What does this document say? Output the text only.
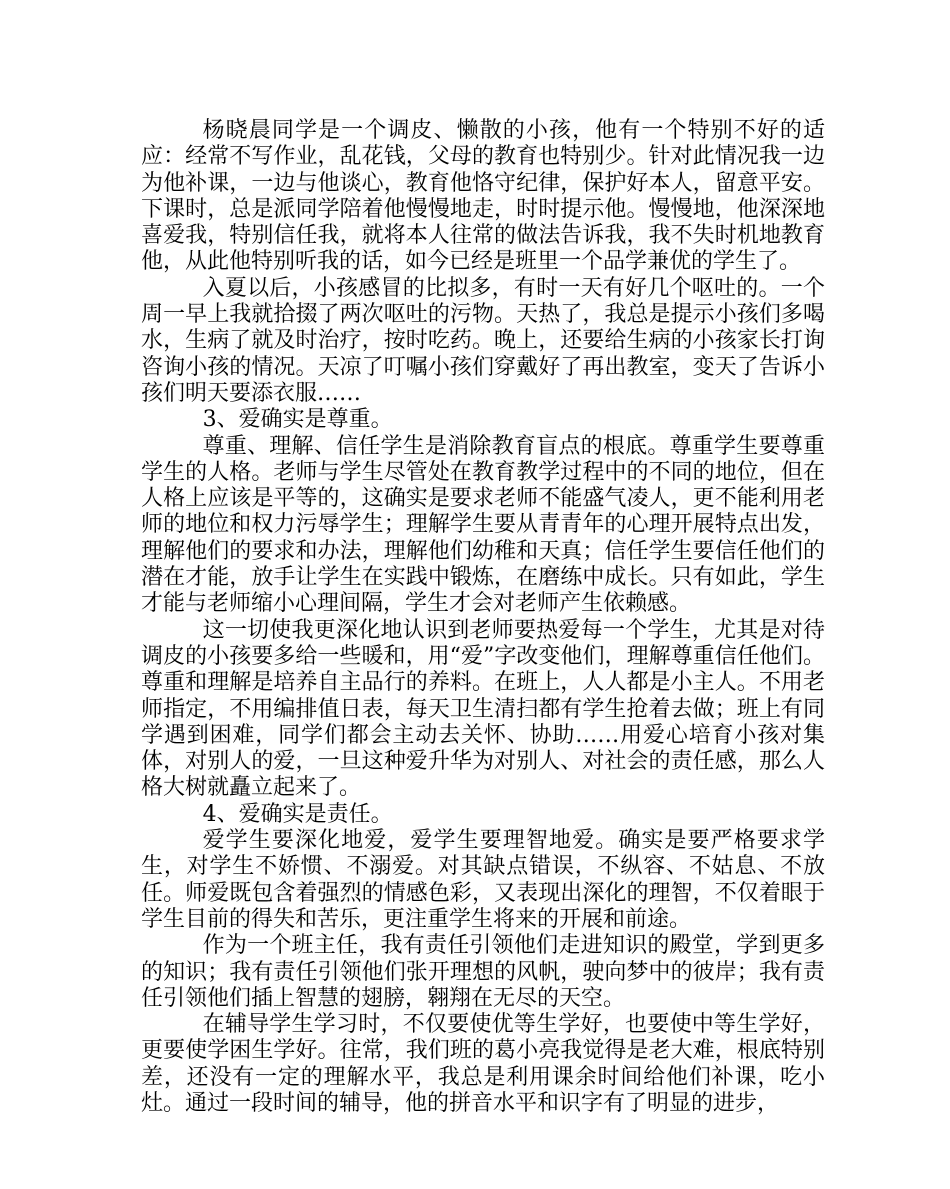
杨晓晨同学是一个调皮、懒散的小孩，他有一个特别不好的适应：经常不写作业，乱花钱，父母的教育也特别少。针对此情况我一边为他补课，一边与他谈心，教育他恪守纪律，保护好本人，留意平安。下课时，总是派同学陪着他慢慢地走，时时提示他。慢慢地，他深深地喜爱我，特别信任我，就将本人往常的做法告诉我，我不失时机地教育他，从此他特别听我的话，如今已经是班里一个品学兼优的学生了。

入夏以后，小孩感冒的比拟多，有时一天有好几个呕吐的。一个周一早上我就拾掇了两次呕吐的污物。天热了，我总是提示小孩们多喝水，生病了就及时治疗，按时吃药。晚上，还要给生病的小孩家长打询咨询小孩的情况。天凉了叮嘱小孩们穿戴好了再出教室，变天了告诉小孩们明天要添衣服……

3、爱确实是尊重。

尊重、理解、信任学生是消除教育盲点的根底。尊重学生要尊重学生的人格。老师与学生尽管处在教育教学过程中的不同的地位，但在人格上应该是平等的，这确实是要求老师不能盛气凌人，更不能利用老师的地位和权力污辱学生；理解学生要从青青年的心理开展特点出发，理解他们的要求和办法，理解他们幼稚和天真；信任学生要信任他们的潜在才能，放手让学生在实践中锻炼，在磨练中成长。只有如此，学生才能与老师缩小心理间隔，学生才会对老师产生依赖感。

这一切使我更深化地认识到老师要热爱每一个学生，尤其是对待调皮的小孩要多给一些暖和，用“爱”字改变他们，理解尊重信任他们。尊重和理解是培养自主品行的养料。在班上，人人都是小主人。不用老师指定，不用编排值日表，每天卫生清扫都有学生抢着去做；班上有同学遇到困难，同学们都会主动去关怀、协助……用爱心培育小孩对集体，对别人的爱，一旦这种爱升华为对别人、对社会的责任感，那么人格大树就矗立起来了。

4、爱确实是责任。

爱学生要深化地爱，爱学生要理智地爱。确实是要严格要求学生，对学生不娇惯、不溺爱。对其缺点错误，不纵容、不姑息、不放任。师爱既包含着强烈的情感色彩，又表现出深化的理智，不仅着眼于学生目前的得失和苦乐，更注重学生将来的开展和前途。

作为一个班主任，我有责任引领他们走进知识的殿堂，学到更多的知识；我有责任引领他们张开理想的风帆，驶向梦中的彼岸；我有责任引领他们插上智慧的翅膀，翱翔在无尽的天空。

在辅导学生学习时，不仅要使优等生学好，也要使中等生学好，更要使学困生学好。往常，我们班的葛小亮我觉得是老大难，根底特别差，还没有一定的理解水平，我总是利用课余时间给他们补课，吃小灶。通过一段时间的辅导，他的拼音水平和识字有了明显的进步，
